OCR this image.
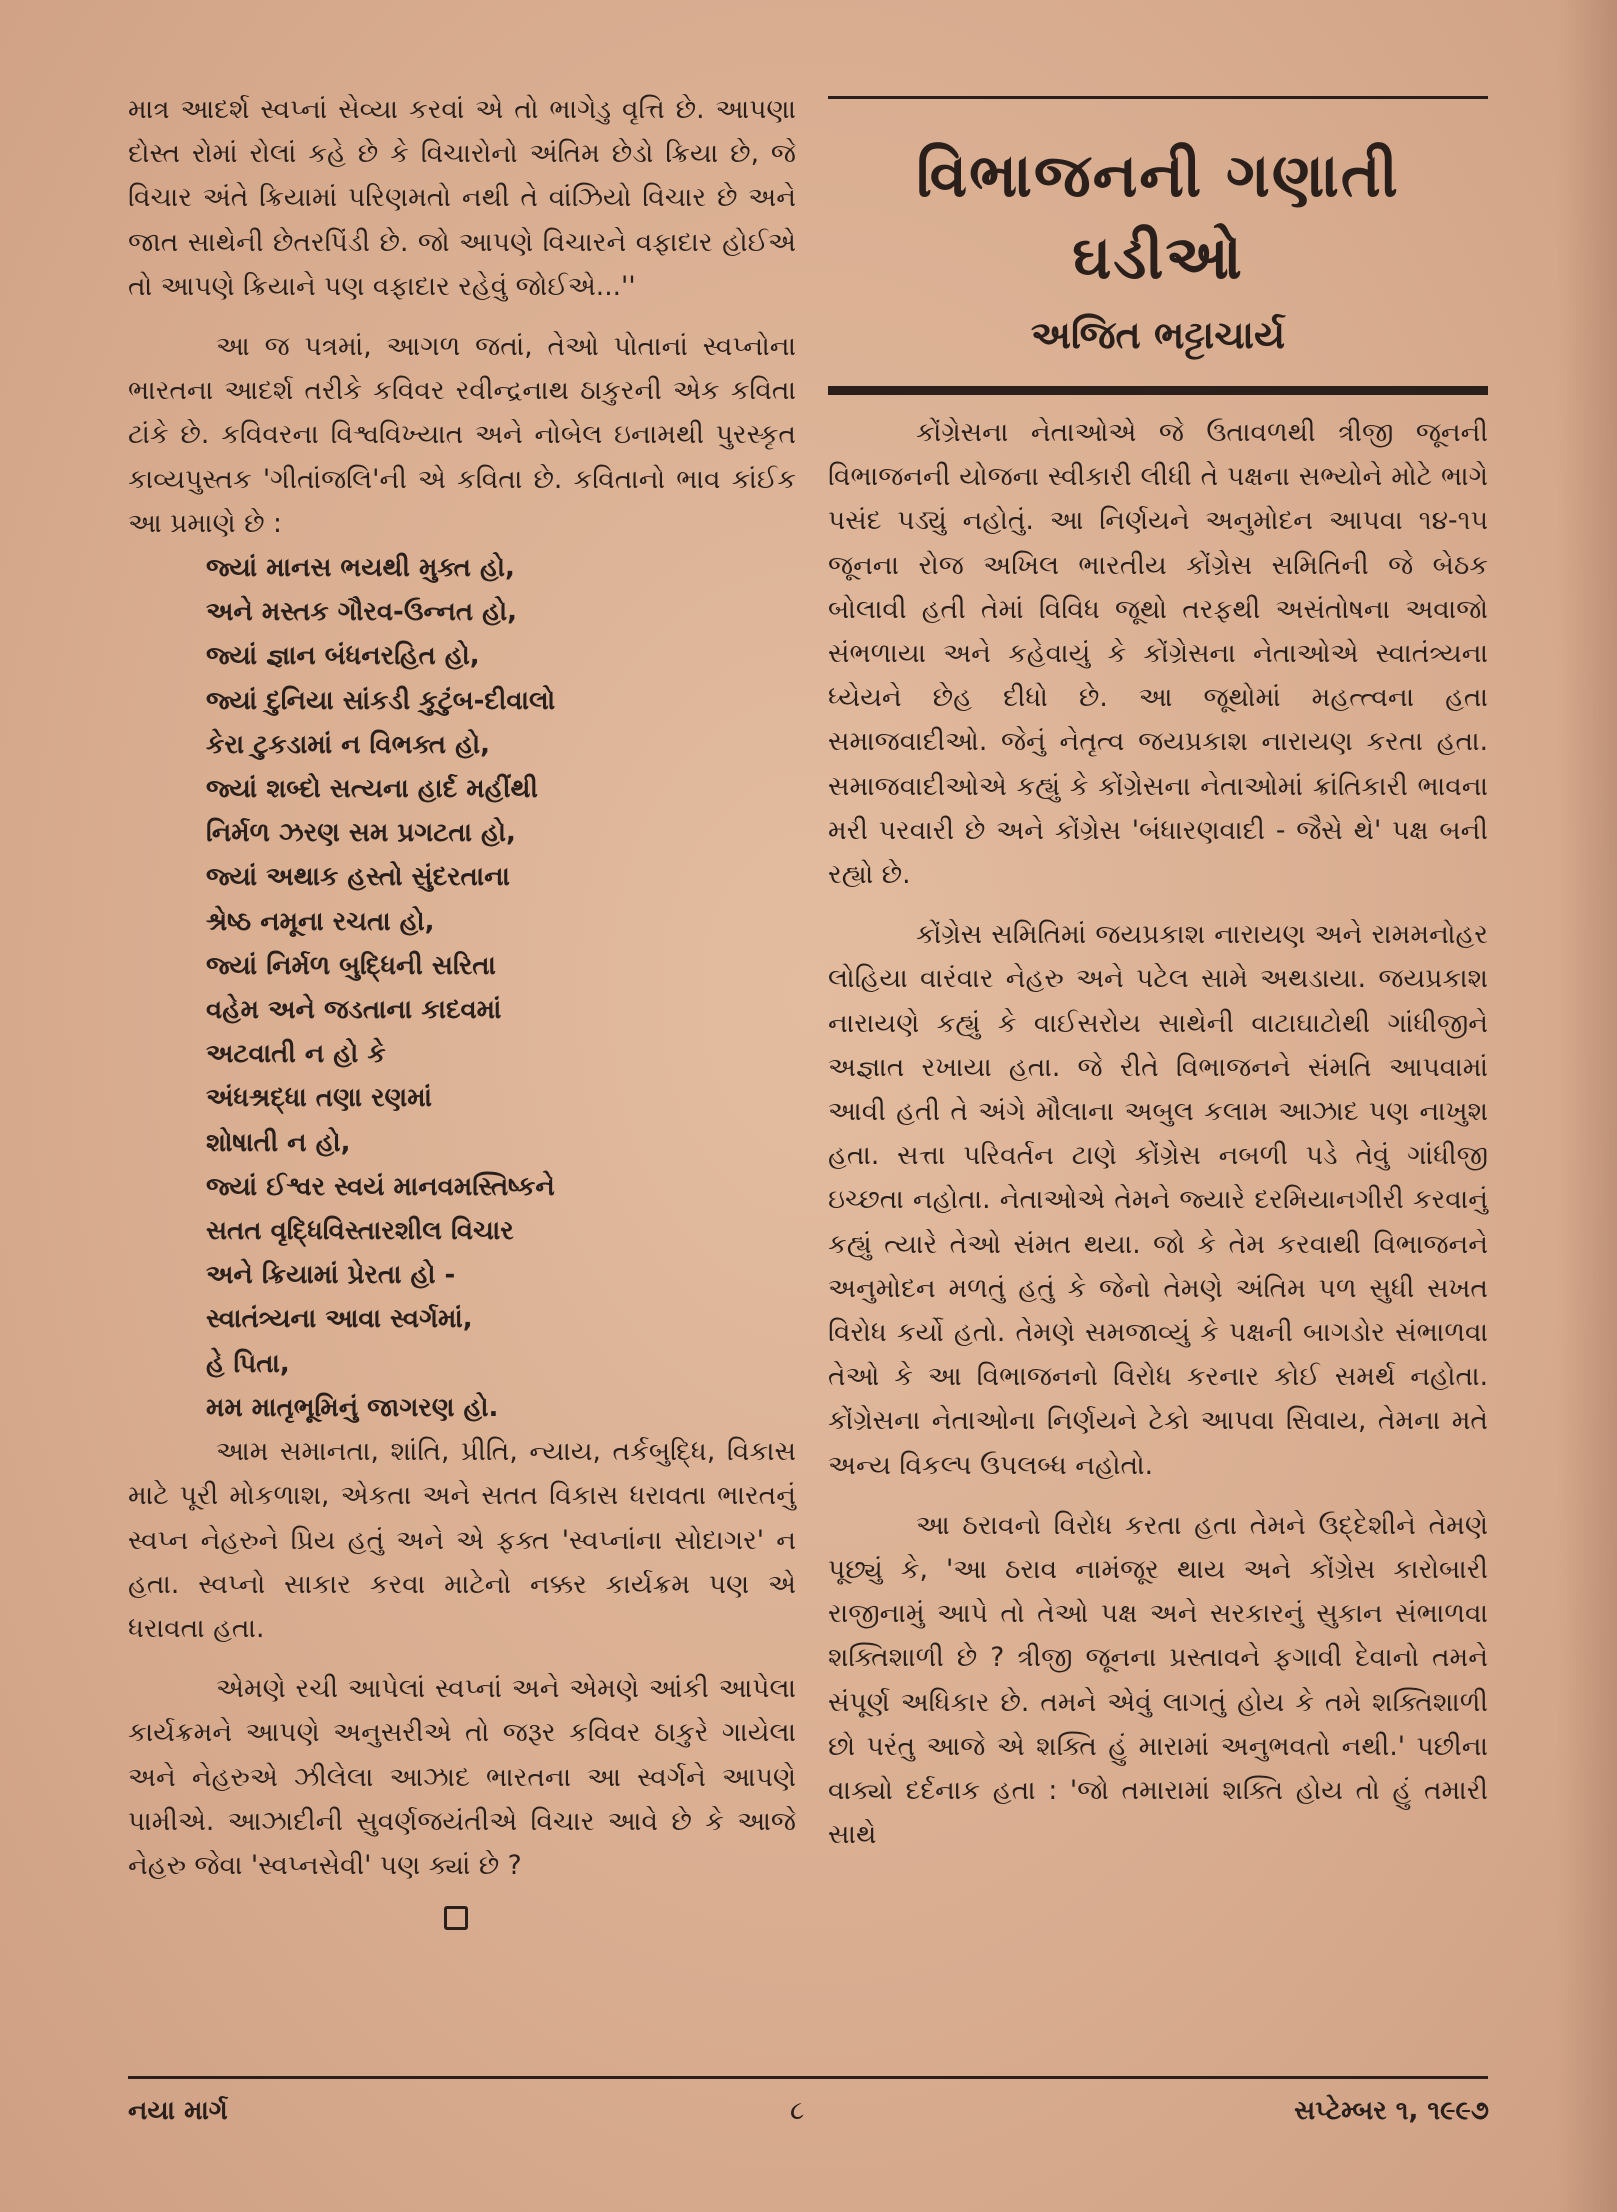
માત્ર આદર્શ સ્વપ્નાં સેવ્યા કરવાં એ તો ભાગેડુ વૃત્તિ છે. આપણા દોસ્ત રોમાં રોલાં કહે છે કે વિચારોનો અંતિમ છેડો ક્રિયા છે, જે વિચાર અંતે ક્રિયામાં પરિણમતો નથી તે વાંઝિયો વિચાર છે અને જાત સાથેની છેતરપિંડી છે. જો આપણે વિચારને વફાદાર હોઈએ તો આપણે ક્રિયાને પણ વફાદાર રહેવું જોઈએ...''

આ જ પત્રમાં, આગળ જતાં, તેઓ પોતાનાં સ્વપ્નોના ભારતના આદર્શ તરીકે કવિવર રવીન્દ્રનાથ ઠાકુરની એક કવિતા ટાંકે છે. કવિવરના વિશ્વવિખ્યાત અને નોબેલ ઇનામથી પુરસ્કૃત કાવ્યપુસ્તક 'ગીતાંજલિ'ની એ કવિતા છે. કવિતાનો ભાવ કાંઈક આ પ્રમાણે છે :

જ્યાં માનસ ભયથી મુક્ત હો,
અને મસ્તક ગૌરવ-ઉન્નત હો,
જ્યાં જ્ઞાન બંધનરહિત હો,
જ્યાં દુનિયા સાંકડી કુટુંબ-દીવાલો
કેરા ટુકડામાં ન વિભક્ત હો,
જ્યાં શબ્દો સત્યના હાર્દ મહીંથી
નિર્મળ ઝરણ સમ પ્રગટતા હો,
જ્યાં અથાક હસ્તો સુંદરતાના
શ્રેષ્ઠ નમૂના રચતા હો,
જ્યાં નિર્મળ બુદ્ધિની સરિતા
વહેમ અને જડતાના કાદવમાં
અટવાતી ન હો કે
અંધશ્રદ્ધા તણા રણમાં
શોષાતી ન હો,
જ્યાં ઈશ્વર સ્વયં માનવમસ્તિષ્કને
સતત વૃદ્ધિવિસ્તારશીલ વિચાર
અને ક્રિયામાં પ્રેરતા હો -
સ્વાતંત્ર્યના આવા સ્વર્ગમાં,
હે પિતા,
મમ માતૃભૂમિનું જાગરણ હો.

આમ સમાનતા, શાંતિ, પ્રીતિ, ન્યાય, તર્કબુદ્ધિ, વિકાસ માટે પૂરી મોકળાશ, એકતા અને સતત વિકાસ ધરાવતા ભારતનું સ્વપ્ન નેહરુને પ્રિય હતું અને એ ફક્ત 'સ્વપ્નાંના સોદાગર' ન હતા. સ્વપ્નો સાકાર કરવા માટેનો નક્કર કાર્યક્રમ પણ એ ધરાવતા હતા.

એમણે રચી આપેલાં સ્વપ્નાં અને એમણે આંકી આપેલા કાર્યક્રમને આપણે અનુસરીએ તો જરૂર કવિવર ઠાકુરે ગાયેલા અને નેહરુએ ઝીલેલા આઝાદ ભારતના આ સ્વર્ગને આપણે પામીએ. આઝાદીની સુવર્ણજયંતીએ વિચાર આવે છે કે આજે નેહરુ જેવા 'સ્વપ્નસેવી' પણ ક્યાં છે ?

વિભાજનની ગણાતી ઘડીઓ
અજિત ભટ્ટાચાર્ય

કોંગ્રેસના નેતાઓએ જે ઉતાવળથી ત્રીજી જૂનની વિભાજનની યોજના સ્વીકારી લીધી તે પક્ષના સભ્યોને મોટે ભાગે પસંદ પડ્યું નહોતું. આ નિર્ણયને અનુમોદન આપવા ૧૪-૧૫ જૂનના રોજ અખિલ ભારતીય કોંગ્રેસ સમિતિની જે બેઠક બોલાવી હતી તેમાં વિવિધ જૂથો તરફથી અસંતોષના અવાજો સંભળાયા અને કહેવાયું કે કોંગ્રેસના નેતાઓએ સ્વાતંત્ર્યના ધ્યેયને છેહ દીધો છે. આ જૂથોમાં મહત્ત્વના હતા સમાજવાદીઓ. જેનું નેતૃત્વ જયપ્રકાશ નારાયણ કરતા હતા. સમાજવાદીઓએ કહ્યું કે કોંગ્રેસના નેતાઓમાં ક્રાંતિકારી ભાવના મરી પરવારી છે અને કોંગ્રેસ 'બંધારણવાદી - જૈસે થે' પક્ષ બની રહ્યો છે.

કોંગ્રેસ સમિતિમાં જયપ્રકાશ નારાયણ અને રામમનોહર લોહિયા વારંવાર નેહરુ અને પટેલ સામે અથડાયા. જયપ્રકાશ નારાયણે કહ્યું કે વાઈસરોય સાથેની વાટાઘાટોથી ગાંધીજીને અજ્ઞાત રખાયા હતા. જે રીતે વિભાજનને સંમતિ આપવામાં આવી હતી તે અંગે મૌલાના અબુલ કલામ આઝાદ પણ નાખુશ હતા. સત્તા પરિવર્તન ટાણે કોંગ્રેસ નબળી પડે તેવું ગાંધીજી ઇચ્છતા નહોતા. નેતાઓએ તેમને જ્યારે દરમિયાનગીરી કરવાનું કહ્યું ત્યારે તેઓ સંમત થયા. જો કે તેમ કરવાથી વિભાજનને અનુમોદન મળતું હતું કે જેનો તેમણે અંતિમ પળ સુધી સખત વિરોધ કર્યો હતો. તેમણે સમજાવ્યું કે પક્ષની બાગડોર સંભાળવા તેઓ કે આ વિભાજનનો વિરોધ કરનાર કોઈ સમર્થ નહોતા. કોંગ્રેસના નેતાઓના નિર્ણયને ટેકો આપવા સિવાય, તેમના મતે અન્ય વિકલ્પ ઉપલબ્ધ નહોતો.

આ ઠરાવનો વિરોધ કરતા હતા તેમને ઉદ્દેશીને તેમણે પૂછ્યું કે, 'આ ઠરાવ નામંજૂર થાય અને કોંગ્રેસ કારોબારી રાજીનામું આપે તો તેઓ પક્ષ અને સરકારનું સુકાન સંભાળવા શક્તિશાળી છે ? ત્રીજી જૂનના પ્રસ્તાવને ફગાવી દેવાનો તમને સંપૂર્ણ અધિકાર છે. તમને એવું લાગતું હોય કે તમે શક્તિશાળી છો પરંતુ આજે એ શક્તિ હું મારામાં અનુભવતો નથી.' પછીના વાક્યો દર્દનાક હતા : 'જો તમારામાં શક્તિ હોય તો હું તમારી સાથે

નયા માર્ગ	૮	સપ્ટેમ્બર ૧, ૧૯૯૭
